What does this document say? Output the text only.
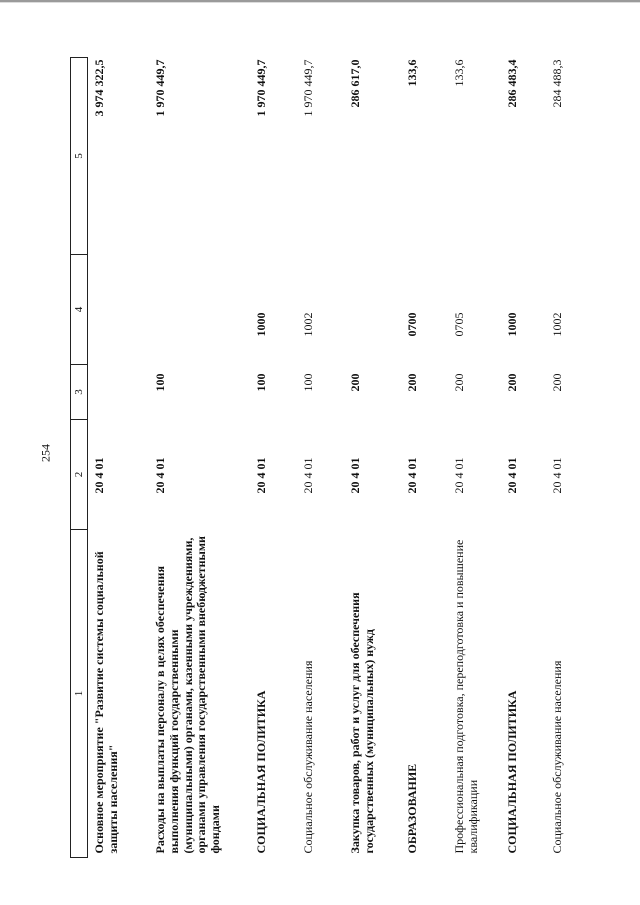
254
1	2	3	4	5
Основное мероприятие "Развитие системы социальной защиты населения"	20 4 01			3 974 322,5
Расходы на выплаты персоналу в целях обеспечения выполнения функций государственными (муниципальными) органами, казенными учреждениями, органами управления государственными внебюджетными фондами	20 4 01	100		1 970 449,7
СОЦИАЛЬНАЯ ПОЛИТИКА	20 4 01	100	1000	1 970 449,7
Социальное обслуживание населения	20 4 01	100	1002	1 970 449,7
Закупка товаров, работ и услуг для обеспечения государственных (муниципальных) нужд	20 4 01	200		286 617,0
ОБРАЗОВАНИЕ	20 4 01	200	0700	133,6
Профессиональная подготовка, переподготовка и повышение квалификации	20 4 01	200	0705	133,6
СОЦИАЛЬНАЯ ПОЛИТИКА	20 4 01	200	1000	286 483,4
Социальное обслуживание населения	20 4 01	200	1002	284 488,3
